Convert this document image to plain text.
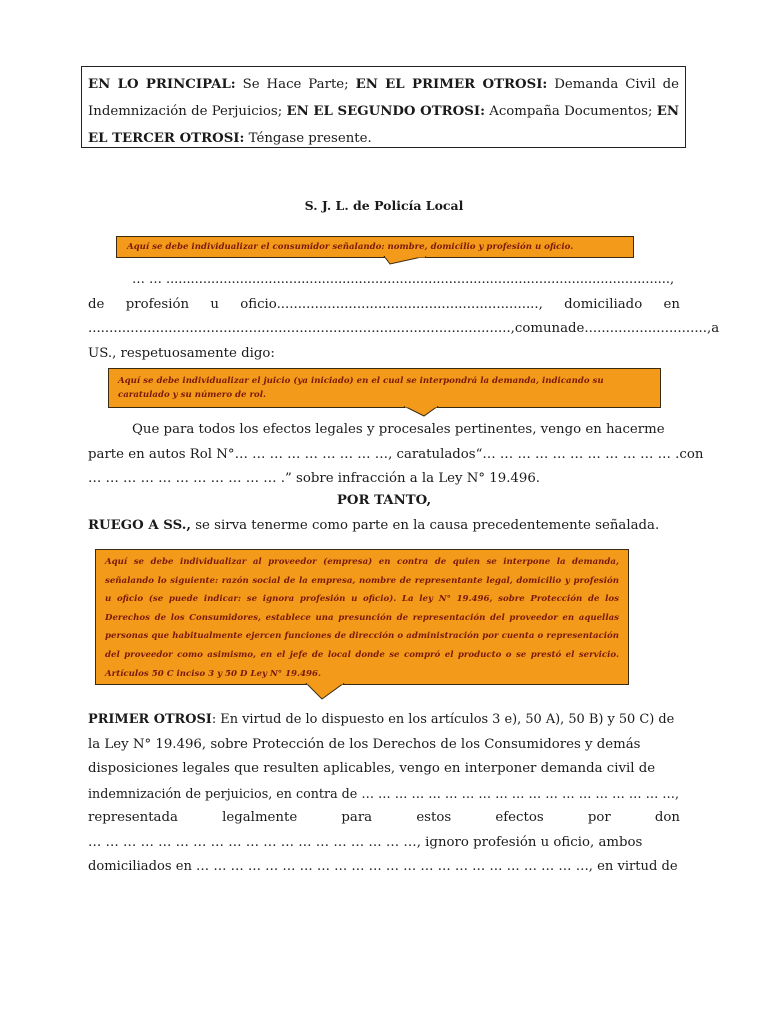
EN LO PRINCIPAL: Se Hace Parte; EN EL PRIMER OTROSI: Demanda Civil de Indemnización de Perjuicios; EN EL SEGUNDO OTROSI: Acompaña Documentos; EN EL TERCER OTROSI: Téngase presente.
S. J. L. de Policía Local
Aquí se debe individualizar el consumidor señalando: nombre, domicilio y profesión u oficio.
… … ...........................................................................................................................,
de profesión u oficio.............................................................., domiciliado en
...................................................................................................., comuna de ............................., a
US., respetuosamente digo:
Aquí se debe individualizar el juicio (ya iniciado) en el cual se interpondrá la demanda, indicando su caratulado y su número de rol.
Que para todos los efectos legales y procesales pertinentes, vengo en hacerme
parte en autos Rol N° … … … … … … … … …, caratulados “… … … … … … … … … … … . con
… … … … … … … … … … … .” sobre infracción a la Ley N° 19.496.
POR TANTO,
RUEGO A SS., se sirva tenerme como parte en la causa precedentemente señalada.
Aquí se debe individualizar al proveedor (empresa) en contra de quien se interpone la demanda, señalando lo siguiente: razón social de la empresa, nombre de representante legal, domicilio y profesión u oficio (se puede indicar: se ignora profesión u oficio). La ley N° 19.496, sobre Protección de los Derechos de los Consumidores, establece una presunción de representación del proveedor en aquellas personas que habitualmente ejercen funciones de dirección o administración por cuenta o representación del proveedor como asimismo, en el jefe de local donde se compró el producto o se prestó el servicio. Artículos 50 C inciso 3 y 50 D Ley N° 19.496.
PRIMER OTROSI: En virtud de lo dispuesto en los artículos 3 e), 50 A), 50 B) y 50 C) de
la Ley N° 19.496, sobre Protección de los Derechos de los Consumidores y demás
disposiciones legales que resulten aplicables, vengo en interponer demanda civil de
indemnización de perjuicios, en contra de … … … … … … … … … … … … … … … … … … …,
representada	legalmente	para	estos	efectos	por	don
… … … … … … … … … … … … … … … … … … …, ignoro profesión u oficio, ambos
domiciliados en … … … … … … … … … … … … … … … … … … … … … … …, en virtud de
